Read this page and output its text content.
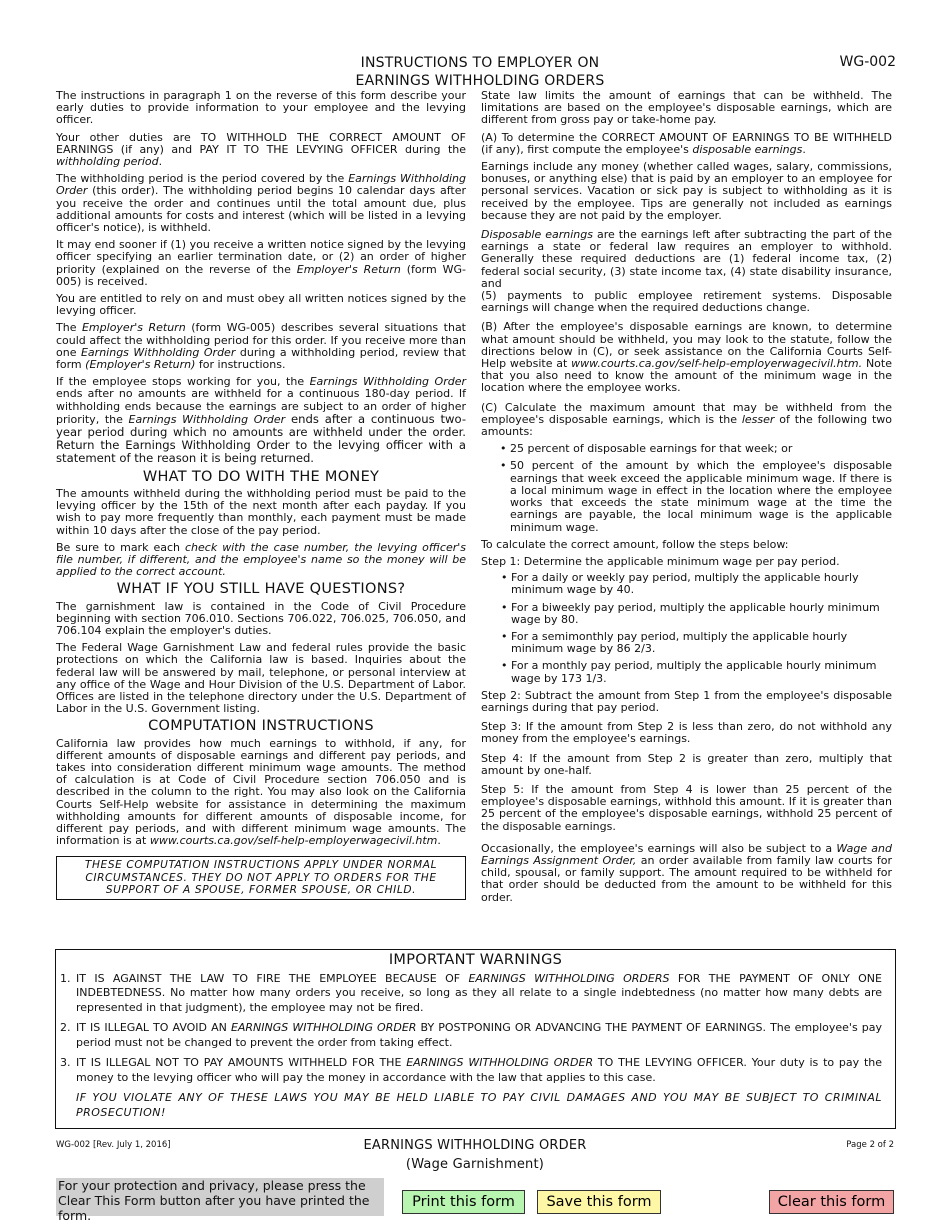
INSTRUCTIONS TO EMPLOYER ON
EARNINGS WITHHOLDING ORDERS
WG-002

The instructions in paragraph 1 on the reverse of this form describe your early duties to provide information to your employee and the levying officer.

Your other duties are TO WITHHOLD THE CORRECT AMOUNT OF EARNINGS (if any) and PAY IT TO THE LEVYING OFFICER during the withholding period.

The withholding period is the period covered by the Earnings Withholding Order (this order). The withholding period begins 10 calendar days after you receive the order and continues until the total amount due, plus additional amounts for costs and interest (which will be listed in a levying officer's notice), is withheld.

It may end sooner if (1) you receive a written notice signed by the levying officer specifying an earlier termination date, or (2) an order of higher priority (explained on the reverse of the Employer's Return (form WG-005) is received.

You are entitled to rely on and must obey all written notices signed by the levying officer.

The Employer's Return (form WG-005) describes several situations that could affect the withholding period for this order. If you receive more than one Earnings Withholding Order during a withholding period, review that form (Employer's Return) for instructions.

If the employee stops working for you, the Earnings Withholding Order ends after no amounts are withheld for a continuous 180-day period. If withholding ends because the earnings are subject to an order of higher priority, the Earnings Withholding Order ends after a continuous two-year period during which no amounts are withheld under the order. Return the Earnings Withholding Order to the levying officer with a statement of the reason it is being returned.

WHAT TO DO WITH THE MONEY

The amounts withheld during the withholding period must be paid to the levying officer by the 15th of the next month after each payday. If you wish to pay more frequently than monthly, each payment must be made within 10 days after the close of the pay period.

Be sure to mark each check with the case number, the levying officer's file number, if different, and the employee's name so the money will be applied to the correct account.

WHAT IF YOU STILL HAVE QUESTIONS?

The garnishment law is contained in the Code of Civil Procedure beginning with section 706.010. Sections 706.022, 706.025, 706.050, and 706.104 explain the employer's duties.

The Federal Wage Garnishment Law and federal rules provide the basic protections on which the California law is based. Inquiries about the federal law will be answered by mail, telephone, or personal interview at any office of the Wage and Hour Division of the U.S. Department of Labor. Offices are listed in the telephone directory under the U.S. Department of Labor in the U.S. Government listing.

COMPUTATION INSTRUCTIONS

California law provides how much earnings to withhold, if any, for different amounts of disposable earnings and different pay periods, and takes into consideration different minimum wage amounts. The method of calculation is at Code of Civil Procedure section 706.050 and is described in the column to the right. You may also look on the California Courts Self-Help website for assistance in determining the maximum withholding amounts for different amounts of disposable income, for different pay periods, and with different minimum wage amounts. The information is at www.courts.ca.gov/self-help-employerwagecivil.htm.

THESE COMPUTATION INSTRUCTIONS APPLY UNDER NORMAL CIRCUMSTANCES. THEY DO NOT APPLY TO ORDERS FOR THE SUPPORT OF A SPOUSE, FORMER SPOUSE, OR CHILD.

State law limits the amount of earnings that can be withheld. The limitations are based on the employee's disposable earnings, which are different from gross pay or take-home pay.

(A) To determine the CORRECT AMOUNT OF EARNINGS TO BE WITHHELD (if any), first compute the employee's disposable earnings.

Earnings include any money (whether called wages, salary, commissions, bonuses, or anything else) that is paid by an employer to an employee for personal services. Vacation or sick pay is subject to withholding as it is received by the employee. Tips are generally not included as earnings because they are not paid by the employer.

Disposable earnings are the earnings left after subtracting the part of the earnings a state or federal law requires an employer to withhold. Generally these required deductions are (1) federal income tax, (2) federal social security, (3) state income tax, (4) state disability insurance, and
(5) payments to public employee retirement systems. Disposable earnings will change when the required deductions change.

(B) After the employee's disposable earnings are known, to determine what amount should be withheld, you may look to the statute, follow the directions below in (C), or seek assistance on the California Courts Self-Help website at www.courts.ca.gov/self-help-employerwagecivil.htm. Note that you also need to know the amount of the minimum wage in the location where the employee works.

(C) Calculate the maximum amount that may be withheld from the employee's disposable earnings, which is the lesser of the following two amounts:

• 25 percent of disposable earnings for that week; or
• 50 percent of the amount by which the employee's disposable earnings that week exceed the applicable minimum wage. If there is a local minimum wage in effect in the location where the employee works that exceeds the state minimum wage at the time the earnings are payable, the local minimum wage is the applicable minimum wage.

To calculate the correct amount, follow the steps below:

Step 1: Determine the applicable minimum wage per pay period.

• For a daily or weekly pay period, multiply the applicable hourly minimum wage by 40.
• For a biweekly pay period, multiply the applicable hourly minimum wage by 80.
• For a semimonthly pay period, multiply the applicable hourly minimum wage by 86 2/3.
• For a monthly pay period, multiply the applicable hourly minimum wage by 173 1/3.

Step 2: Subtract the amount from Step 1 from the employee's disposable earnings during that pay period.

Step 3: If the amount from Step 2 is less than zero, do not withhold any money from the employee's earnings.

Step 4: If the amount from Step 2 is greater than zero, multiply that amount by one-half.

Step 5: If the amount from Step 4 is lower than 25 percent of the employee's disposable earnings, withhold this amount. If it is greater than 25 percent of the employee's disposable earnings, withhold 25 percent of the disposable earnings.

Occasionally, the employee's earnings will also be subject to a Wage and Earnings Assignment Order, an order available from family law courts for child, spousal, or family support. The amount required to be withheld for that order should be deducted from the amount to be withheld for this order.

IMPORTANT WARNINGS
1. IT IS AGAINST THE LAW TO FIRE THE EMPLOYEE BECAUSE OF EARNINGS WITHHOLDING ORDERS FOR THE PAYMENT OF ONLY ONE INDEBTEDNESS. No matter how many orders you receive, so long as they all relate to a single indebtedness (no matter how many debts are represented in that judgment), the employee may not be fired.
2. IT IS ILLEGAL TO AVOID AN EARNINGS WITHHOLDING ORDER BY POSTPONING OR ADVANCING THE PAYMENT OF EARNINGS. The employee's pay period must not be changed to prevent the order from taking effect.
3. IT IS ILLEGAL NOT TO PAY AMOUNTS WITHHELD FOR THE EARNINGS WITHHOLDING ORDER TO THE LEVYING OFFICER. Your duty is to pay the money to the levying officer who will pay the money in accordance with the law that applies to this case.
IF YOU VIOLATE ANY OF THESE LAWS YOU MAY BE HELD LIABLE TO PAY CIVIL DAMAGES AND YOU MAY BE SUBJECT TO CRIMINAL PROSECUTION!
WG-002 [Rev. July 1, 2016]	EARNINGS WITHHOLDING ORDER
(Wage Garnishment)
Page 2 of 2
For your protection and privacy, please press the Clear This Form button after you have printed the form.
Print this form	Save this form	Clear this form
